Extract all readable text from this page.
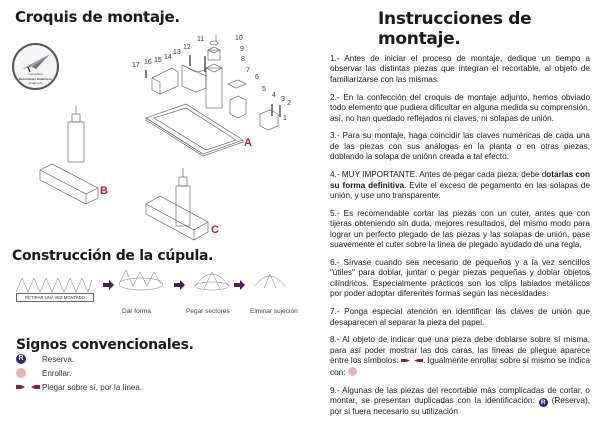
Croquis de montaje.	Instrucciones de montaje.
Construcción de la cúpula.
Signos convencionales.
Cerecilium
Recortables Didácticos
gmail.com
1
2
3
4
5
6
7
8
9
10
11
12
13
14
15
16
17
A
B
C
RETIRAR UNA VEZ MONTADO
Dar forma	Pegar sectores	Elminar sujeción
R	Reserva.
Enrollar.
Plegar sobre sí, por la línea.

1.- Antes de iniciar el proceso de montaje, dedique un tiempo a observar las distintas piezas que integran el recortable, al objeto de familiarizarse con las mismas.

2.- En la confección del croquis de montaje adjunto, hemos obviado todo elemento que pudiera dificultar en alguna medida su comprensión, así, no han quedado reflejados ni claves, ni solapas de unión.

3.- Para su montaje, haga coincidir las claves numéricas de cada una de las piezas con sus análogas en la planta o en otras piezas, doblando la solapa de uniónn creada a tal efecto.

4.- MUY IMPORTANTE. Antes de pegar cada pieza, debe dotarlas con su forma definitiva. Evite el exceso de pegamento en las solapas de unión, y use uno transparente.

5.- Es recomendable cortar las piezas con un cuter, antes que con tijeras obteniendo sin duda, mejores resultados, del mismo modo para lograr un perfecto plegado de las piezas y las solapas de unión, pase suavemente el cuter sobre la línea de plegado ayudado de una regla,

6.- Sírvase cuando sea necesario de pequeños y a la vez sencillos "útiles" para doblar, juntar o pegar piezas pequeñas y doblar objetos cilíndricos. Especialmente prácticos son los clips labiados metálicos por poder adoptar diferentes formas según las necesidades.

7.- Ponga especial atención en identificar las claves de unión que desaparecen al separar la pieza del papel.

8.- Al objeto de indicar que una pieza debe doblarse sobre sí misma, para así poder mostrar las dos caras, las líneas de pliegue aparece entre los símbolos:	. Igualmente enrollar sobre sí mismo se indica con:

9.- Algunas de las piezas del recortable más complicadas de cortar, o montar, se presentan duplicadas con la identificación: R (Reserva), por si fuera necesario su utilización
